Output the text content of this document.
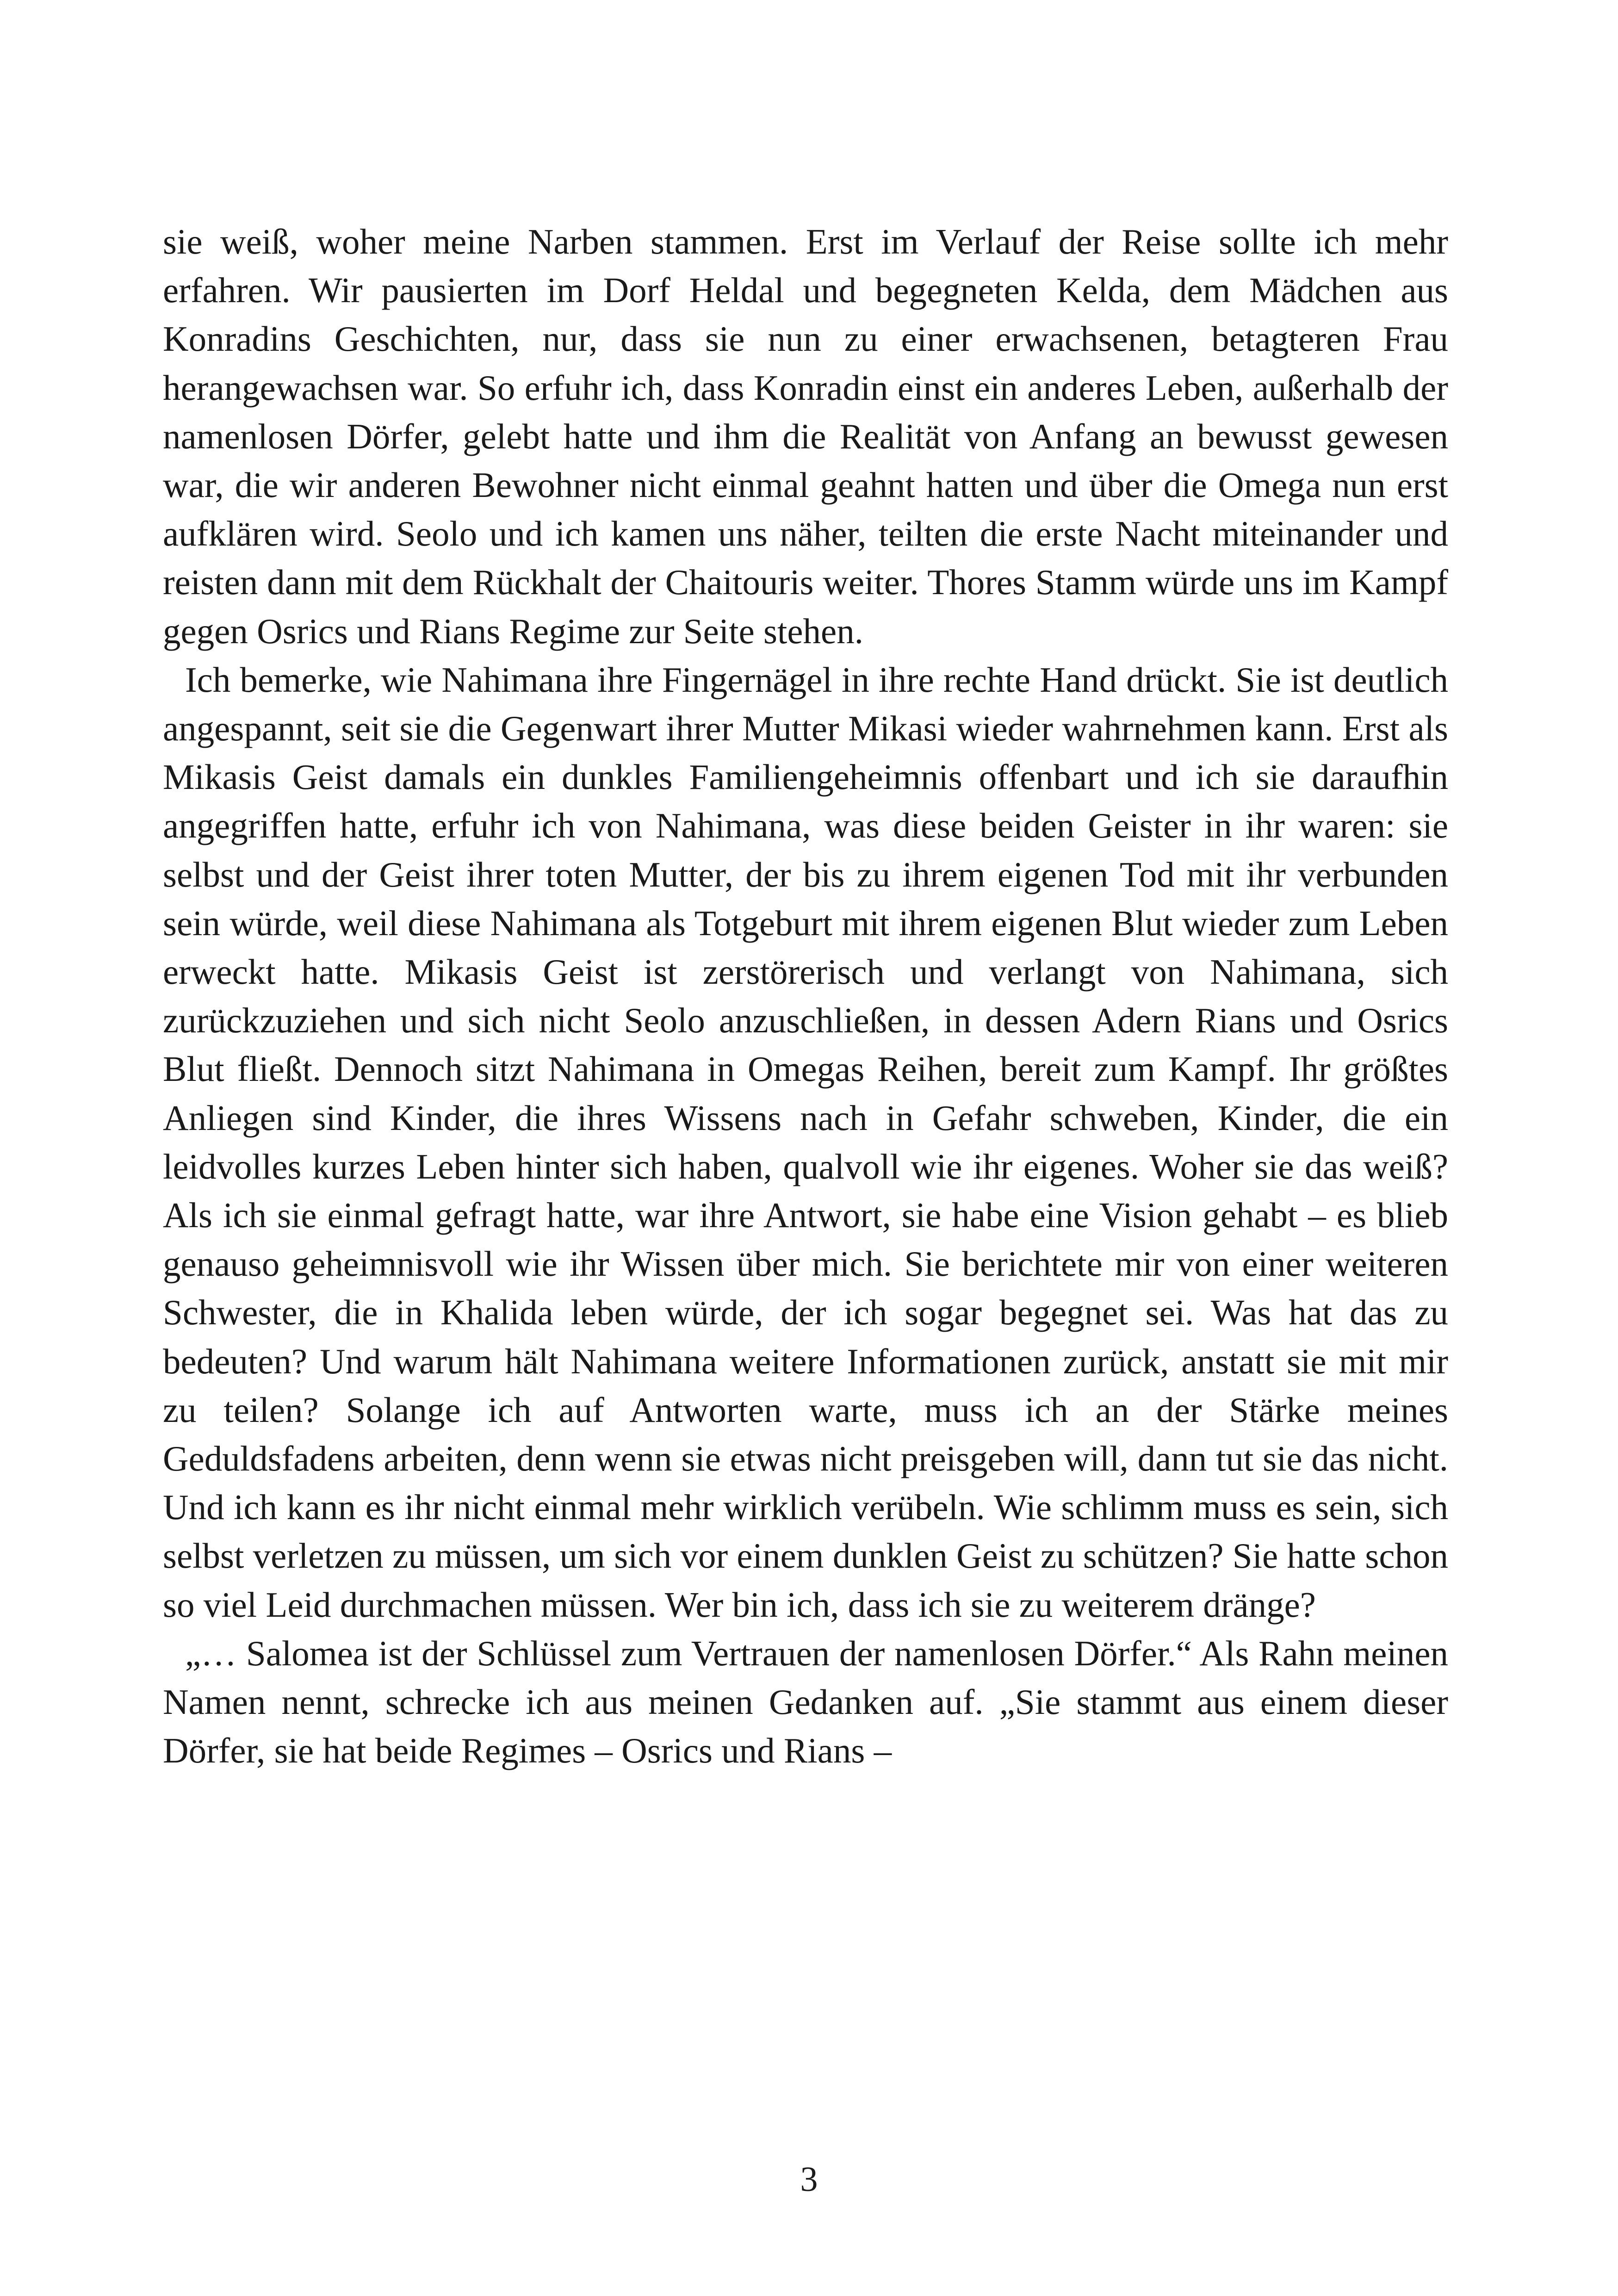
sie weiß, woher meine Narben stammen. Erst im Verlauf der Reise sollte ich mehr erfahren. Wir pausierten im Dorf Heldal und begegneten Kelda, dem Mädchen aus Konradins Geschichten, nur, dass sie nun zu einer erwachsenen, betagteren Frau herangewachsen war. So erfuhr ich, dass Konradin einst ein anderes Leben, außerhalb der namenlosen Dörfer, gelebt hatte und ihm die Realität von Anfang an bewusst gewesen war, die wir anderen Bewohner nicht einmal geahnt hatten und über die Omega nun erst aufklären wird. Seolo und ich kamen uns näher, teilten die erste Nacht miteinander und reisten dann mit dem Rückhalt der Chaitouris weiter. Thores Stamm würde uns im Kampf gegen Osrics und Rians Regime zur Seite stehen.

Ich bemerke, wie Nahimana ihre Fingernägel in ihre rechte Hand drückt. Sie ist deutlich angespannt, seit sie die Gegenwart ihrer Mutter Mikasi wieder wahrnehmen kann. Erst als Mikasis Geist damals ein dunkles Familiengeheimnis offenbart und ich sie daraufhin angegriffen hatte, erfuhr ich von Nahimana, was diese beiden Geister in ihr waren: sie selbst und der Geist ihrer toten Mutter, der bis zu ihrem eigenen Tod mit ihr verbunden sein würde, weil diese Nahimana als Totgeburt mit ihrem eigenen Blut wieder zum Leben erweckt hatte. Mikasis Geist ist zerstörerisch und verlangt von Nahimana, sich zurückzuziehen und sich nicht Seolo anzuschließen, in dessen Adern Rians und Osrics Blut fließt. Dennoch sitzt Nahimana in Omegas Reihen, bereit zum Kampf. Ihr größtes Anliegen sind Kinder, die ihres Wissens nach in Gefahr schweben, Kinder, die ein leidvolles kurzes Leben hinter sich haben, qualvoll wie ihr eigenes. Woher sie das weiß? Als ich sie einmal gefragt hatte, war ihre Antwort, sie habe eine Vision gehabt – es blieb genauso geheimnisvoll wie ihr Wissen über mich. Sie berichtete mir von einer weiteren Schwester, die in Khalida leben würde, der ich sogar begegnet sei. Was hat das zu bedeuten? Und warum hält Nahimana weitere Informationen zurück, anstatt sie mit mir zu teilen? Solange ich auf Antworten warte, muss ich an der Stärke meines Geduldsfadens arbeiten, denn wenn sie etwas nicht preisgeben will, dann tut sie das nicht. Und ich kann es ihr nicht einmal mehr wirklich verübeln. Wie schlimm muss es sein, sich selbst verletzen zu müssen, um sich vor einem dunklen Geist zu schützen? Sie hatte schon so viel Leid durchmachen müssen. Wer bin ich, dass ich sie zu weiterem dränge?

„… Salomea ist der Schlüssel zum Vertrauen der namenlosen Dörfer.“ Als Rahn meinen Namen nennt, schrecke ich aus meinen Gedanken auf. „Sie stammt aus einem dieser Dörfer, sie hat beide Regimes – Osrics und Rians –

3
